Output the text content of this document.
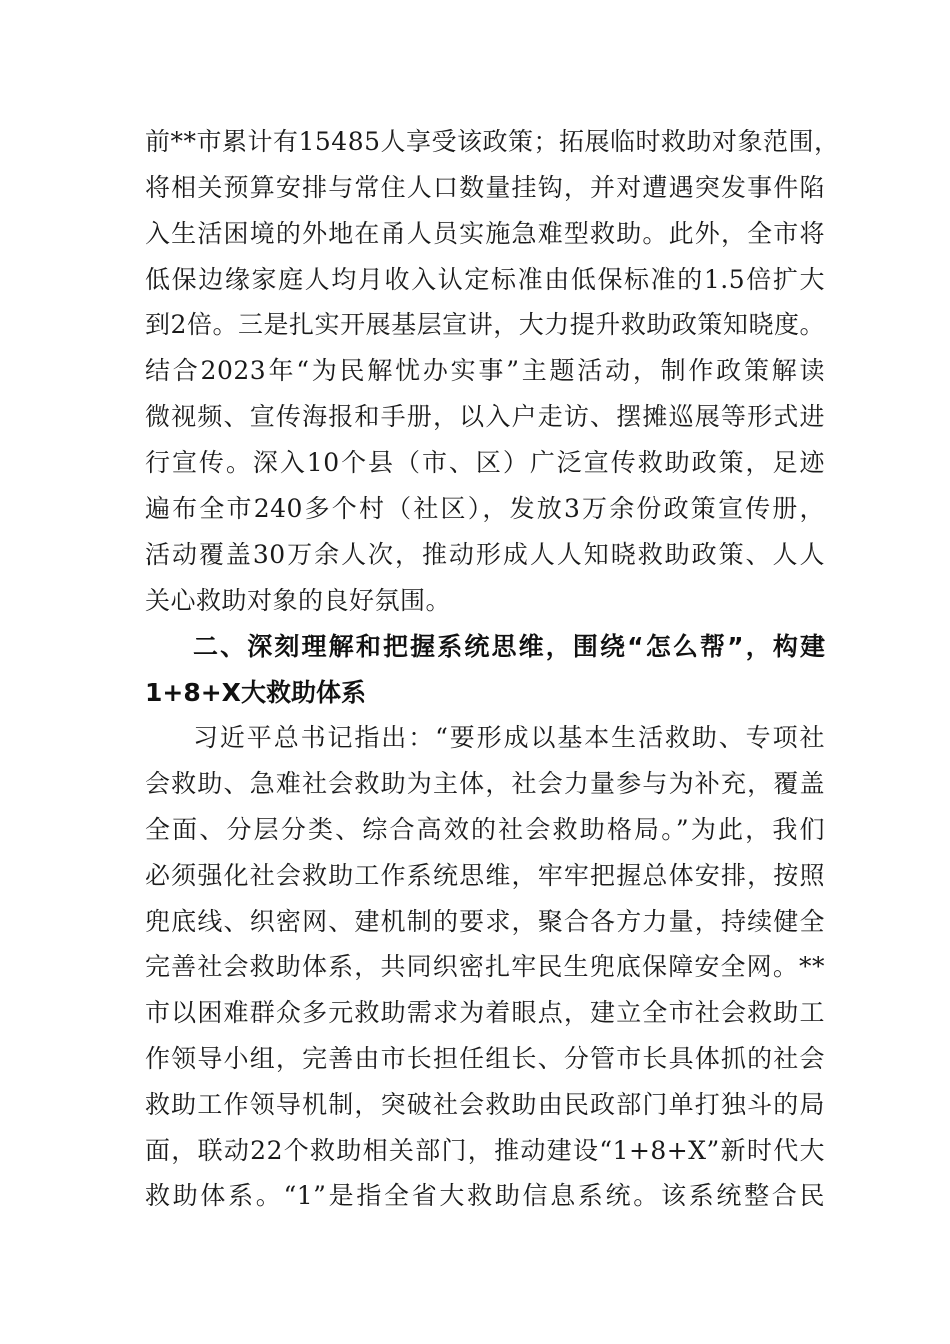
前**市累计有15485人享受该政策；拓展临时救助对象范围，
将相关预算安排与常住人口数量挂钩，并对遭遇突发事件陷
入生活困境的外地在甬人员实施急难型救助。此外，全市将
低保边缘家庭人均月收入认定标准由低保标准的1.5倍扩大
到2倍。三是扎实开展基层宣讲，大力提升救助政策知晓度。
结合2023年“为民解忧办实事”主题活动，制作政策解读
微视频、宣传海报和手册，以入户走访、摆摊巡展等形式进
行宣传。深入10个县（市、区）广泛宣传救助政策，足迹
遍布全市240多个村（社区），发放3万余份政策宣传册，
活动覆盖30万余人次，推动形成人人知晓救助政策、人人
关心救助对象的良好氛围。
二、深刻理解和把握系统思维，围绕“怎么帮”，构建
1+8+X大救助体系
习近平总书记指出：“要形成以基本生活救助、专项社
会救助、急难社会救助为主体，社会力量参与为补充，覆盖
全面、分层分类、综合高效的社会救助格局。”为此，我们
必须强化社会救助工作系统思维，牢牢把握总体安排，按照
兜底线、织密网、建机制的要求，聚合各方力量，持续健全
完善社会救助体系，共同织密扎牢民生兜底保障安全网。**
市以困难群众多元救助需求为着眼点，建立全市社会救助工
作领导小组，完善由市长担任组长、分管市长具体抓的社会
救助工作领导机制，突破社会救助由民政部门单打独斗的局
面，联动22个救助相关部门，推动建设“1+8+X”新时代大
救助体系。“1”是指全省大救助信息系统。该系统整合民
